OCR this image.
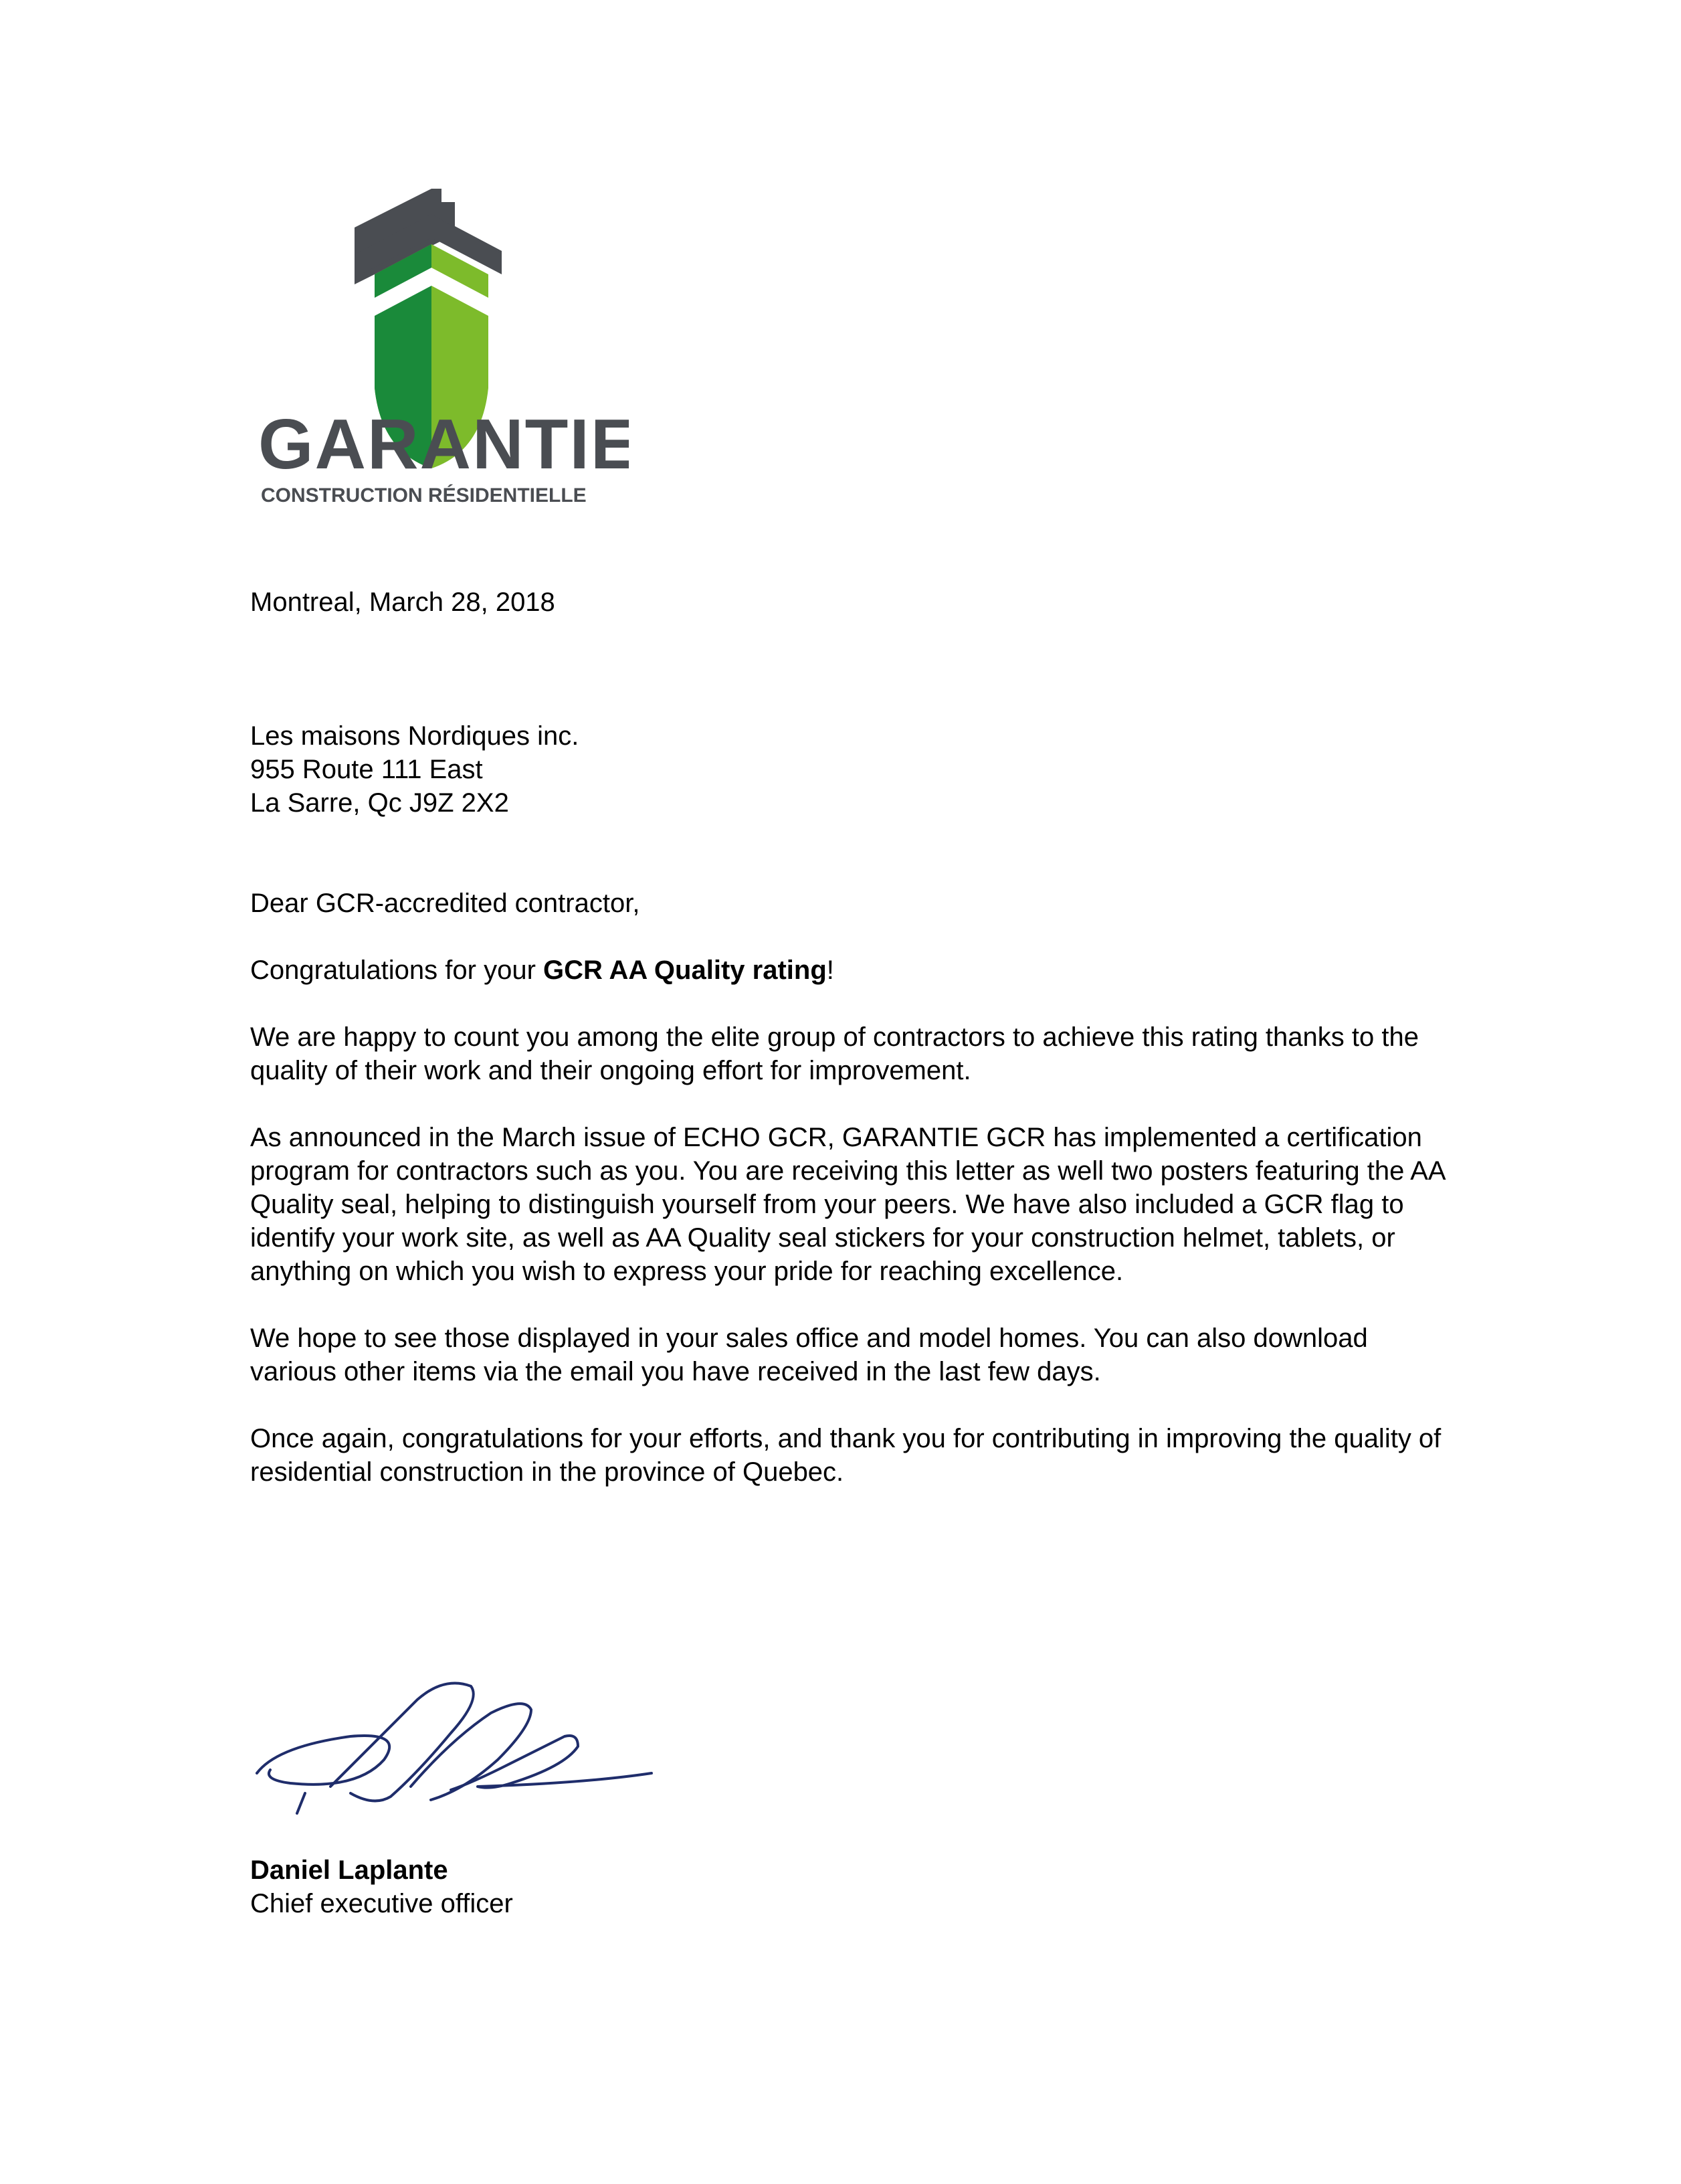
GARANTIE
CONSTRUCTION RÉSIDENTIELLE

Montreal, March 28, 2018

Les maisons Nordiques inc.

955 Route 111 East

La Sarre, Qc J9Z 2X2

Dear GCR-accredited contractor,

Congratulations for your GCR AA Quality rating!

We are happy to count you among the elite group of contractors to achieve this rating thanks to the quality of their work and their ongoing effort for improvement.

As announced in the March issue of ECHO GCR, GARANTIE GCR has implemented a certification program for contractors such as you. You are receiving this letter as well two posters featuring the AA Quality seal, helping to distinguish yourself from your peers. We have also included a GCR flag to identify your work site, as well as AA Quality seal stickers for your construction helmet, tablets, or anything on which you wish to express your pride for reaching excellence.

We hope to see those displayed in your sales office and model homes. You can also download various other items via the email you have received in the last few days.

Once again, congratulations for your efforts, and thank you for contributing in improving the quality of residential construction in the province of Quebec.

Daniel Laplante
Chief executive officer
